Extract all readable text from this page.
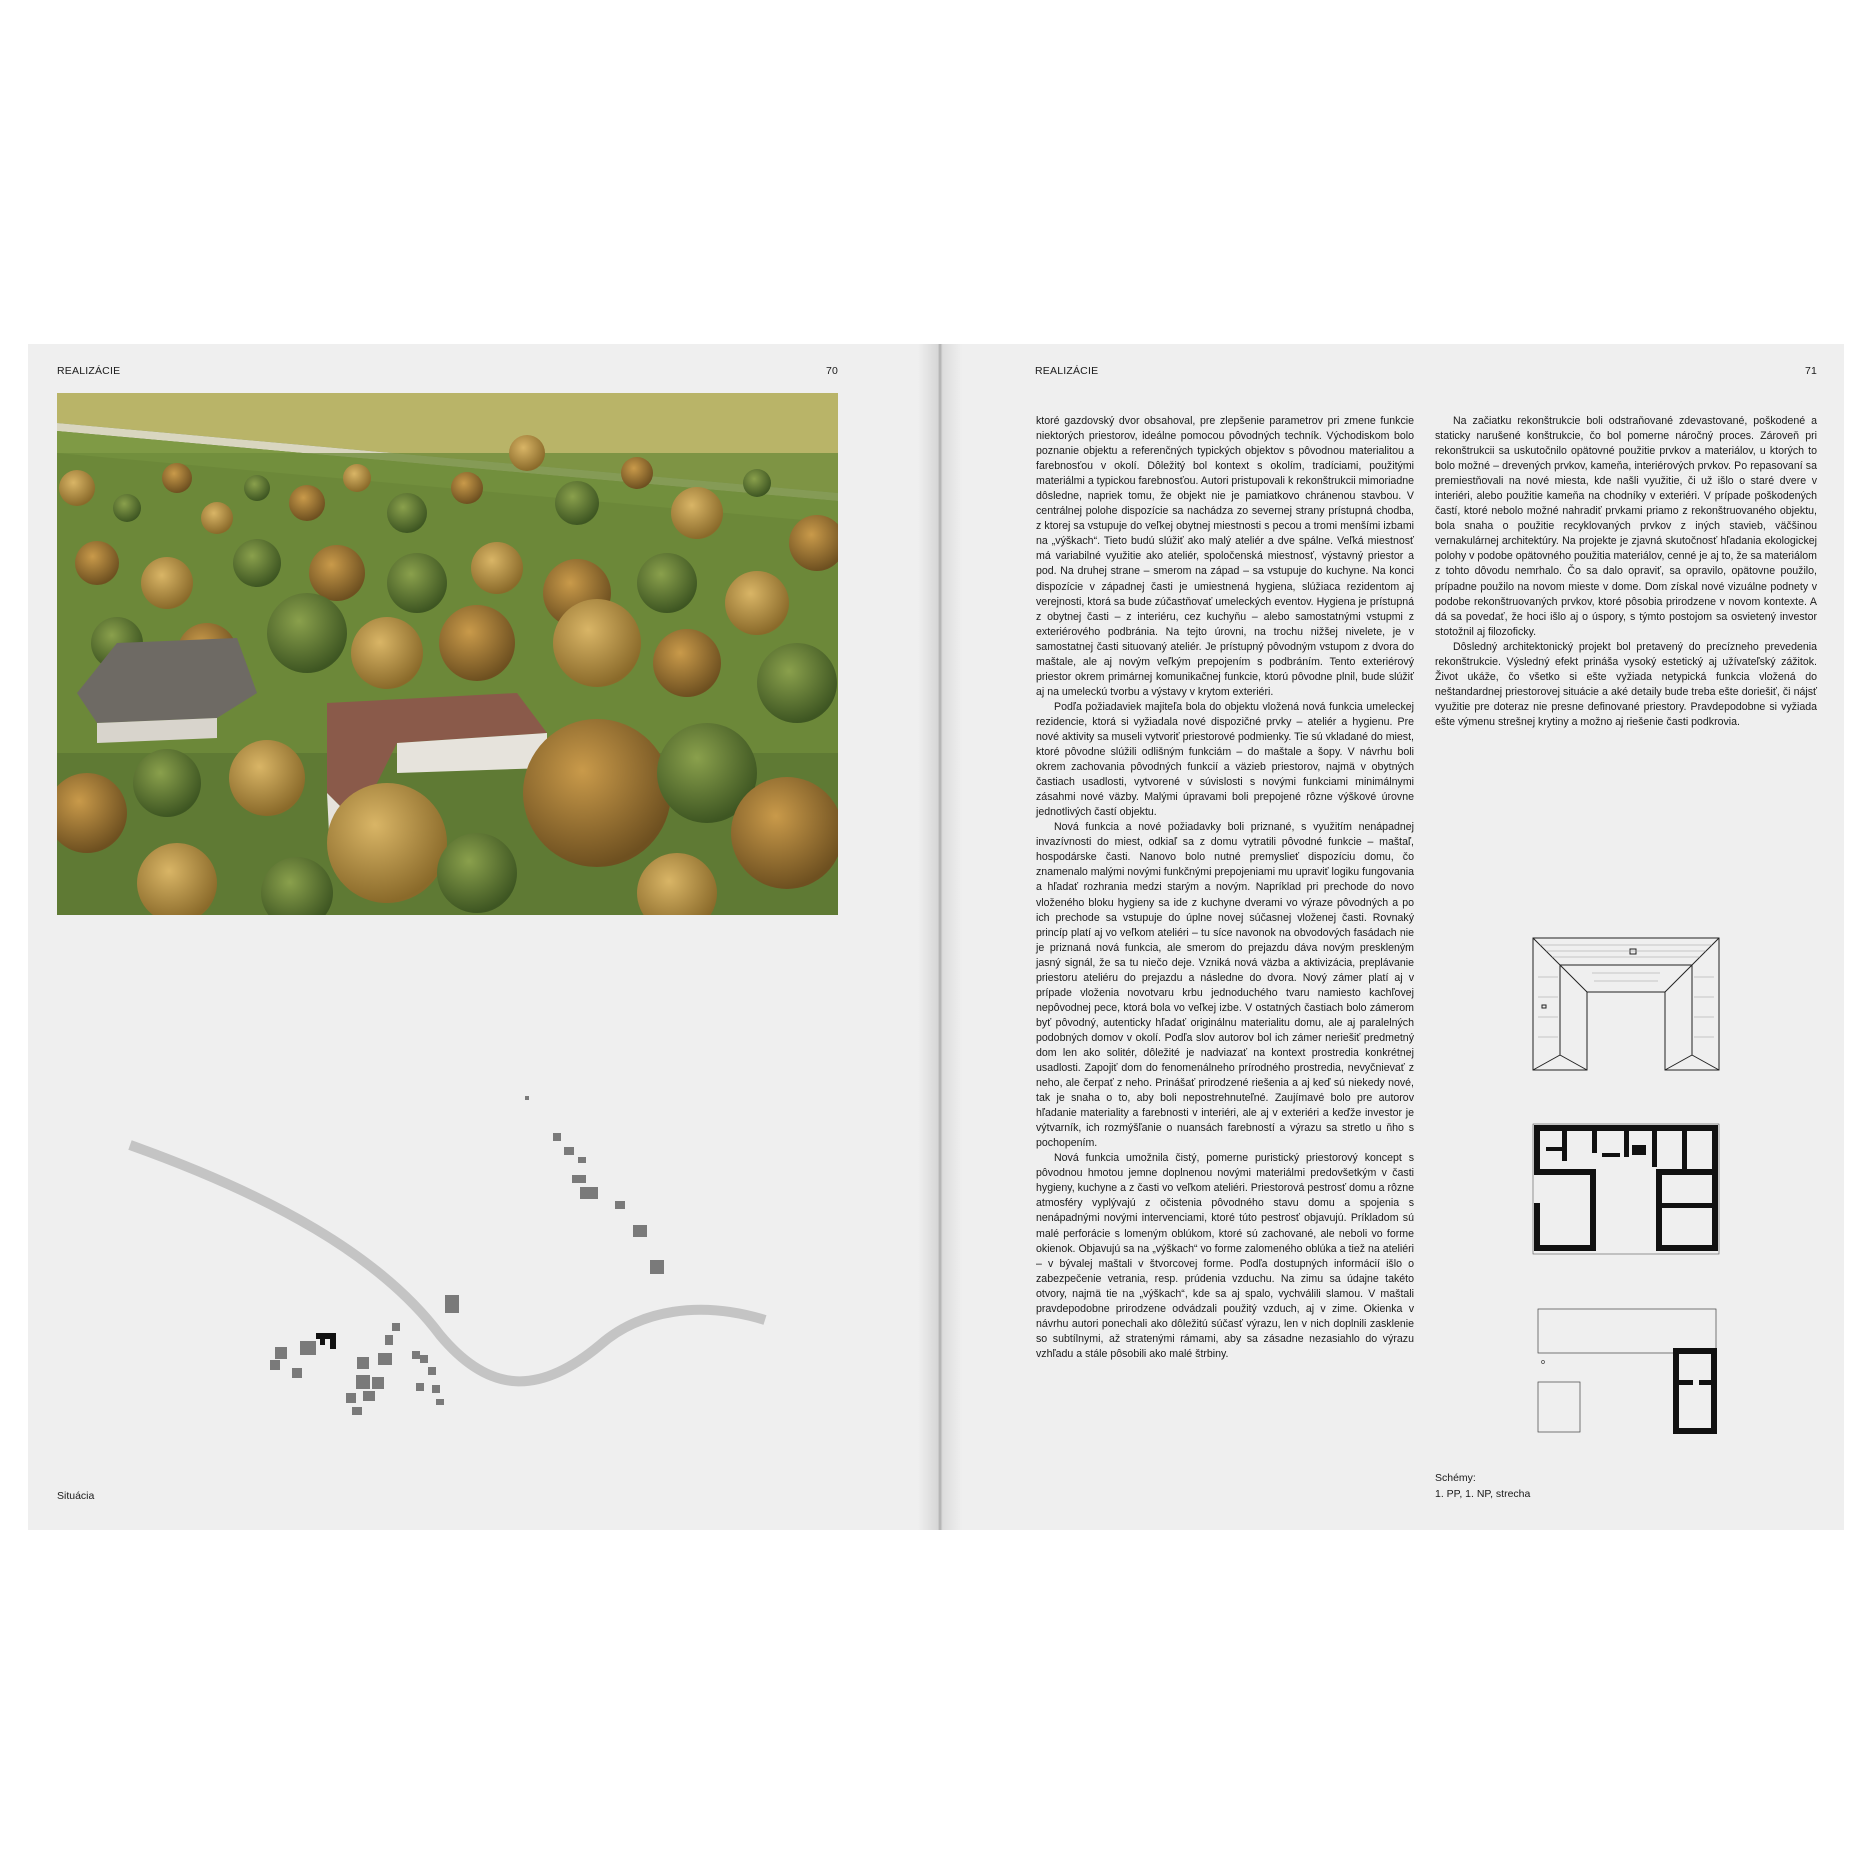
REALIZÁCIE	70
Situácia
REALIZÁCIE	71

ktoré gazdovský dvor obsahoval, pre zlepšenie parametrov pri zmene funkcie niektorých priestorov, ideálne pomocou pôvodných techník. Východiskom bolo poznanie objektu a referenčných typických objektov s pôvodnou materialitou a farebnosťou v okolí. Dôležitý bol kontext s okolím, tradíciami, použitými materiálmi a typickou farebnosťou. Autori pristupovali k rekonštrukcii mimoriadne dôsledne, napriek tomu, že objekt nie je pamiatkovo chránenou stavbou. V centrálnej polohe dispozície sa nachádza zo severnej strany prístupná chodba, z ktorej sa vstupuje do veľkej obytnej miestnosti s pecou a tromi menšími izbami na „výškach“. Tieto budú slúžiť ako malý ateliér a dve spálne. Veľká miestnosť má variabilné využitie ako ateliér, spoločenská miestnosť, výstavný priestor a pod. Na druhej strane – smerom na západ – sa vstupuje do kuchyne. Na konci dispozície v západnej časti je umiestnená hygiena, slúžiaca rezidentom aj verejnosti, ktorá sa bude zúčastňovať umeleckých eventov. Hygiena je prístupná z obytnej časti – z interiéru, cez kuchyňu – alebo samostatnými vstupmi z exteriérového podbránia. Na tejto úrovni, na trochu nižšej nivelete, je v samostatnej časti situovaný ateliér. Je prístupný pôvodným vstupom z dvora do maštale, ale aj novým veľkým prepojením s podbráním. Tento exteriérový priestor okrem primárnej komunikačnej funkcie, ktorú pôvodne plnil, bude slúžiť aj na umeleckú tvorbu a výstavy v krytom exteriéri.

Podľa požiadaviek majiteľa bola do objektu vložená nová funkcia umeleckej rezidencie, ktorá si vyžiadala nové dispozičné prvky – ateliér a hygienu. Pre nové aktivity sa museli vytvoriť priestorové podmienky. Tie sú vkladané do miest, ktoré pôvodne slúžili odlišným funkciám – do maštale a šopy. V návrhu boli okrem zachovania pôvodných funkcií a väzieb priestorov, najmä v obytných častiach usadlosti, vytvorené v súvislosti s novými funkciami minimálnymi zásahmi nové väzby. Malými úpravami boli prepojené rôzne výškové úrovne jednotlivých častí objektu.

Nová funkcia a nové požiadavky boli priznané, s využitím nenápadnej invazívnosti do miest, odkiaľ sa z domu vytratili pôvodné funkcie – maštaľ, hospodárske časti. Nanovo bolo nutné premyslieť dispozíciu domu, čo znamenalo malými novými funkčnými prepojeniami mu upraviť logiku fungovania a hľadať rozhrania medzi starým a novým. Napríklad pri prechode do novo vloženého bloku hygieny sa ide z kuchyne dverami vo výraze pôvodných a po ich prechode sa vstupuje do úplne novej súčasnej vloženej časti. Rovnaký princíp platí aj vo veľkom ateliéri – tu síce navonok na obvodových fasádach nie je priznaná nová funkcia, ale smerom do prejazdu dáva novým preskleným jasný signál, že sa tu niečo deje. Vzniká nová väzba a aktivizácia, preplávanie priestoru ateliéru do prejazdu a následne do dvora. Nový zámer platí aj v prípade vloženia novotvaru krbu jednoduchého tvaru namiesto kachľovej nepôvodnej pece, ktorá bola vo veľkej izbe. V ostatných častiach bolo zámerom byť pôvodný, autenticky hľadať originálnu materialitu domu, ale aj paralelných podobných domov v okolí. Podľa slov autorov bol ich zámer neriešiť predmetný dom len ako solitér, dôležité je nadviazať na kontext prostredia konkrétnej usadlosti. Zapojiť dom do fenomenálneho prírodného prostredia, nevyčnievať z neho, ale čerpať z neho. Prinášať prirodzené riešenia a aj keď sú niekedy nové, tak je snaha o to, aby boli nepostrehnuteľné. Zaujímavé bolo pre autorov hľadanie materiality a farebnosti v interiéri, ale aj v exteriéri a keďže investor je výtvarník, ich rozmýšľanie o nuansách farebností a výrazu sa stretlo u ňho s pochopením.

Nová funkcia umožnila čistý, pomerne puristický priestorový koncept s pôvodnou hmotou jemne doplnenou novými materiálmi predovšetkým v časti hygieny, kuchyne a z časti vo veľkom ateliéri. Priestorová pestrosť domu a rôzne atmosféry vyplývajú z očistenia pôvodného stavu domu a spojenia s nenápadnými novými intervenciami, ktoré túto pestrosť objavujú. Príkladom sú malé perforácie s lomeným oblúkom, ktoré sú zachované, ale neboli vo forme okienok. Objavujú sa na „výškach“ vo forme zalomeného oblúka a tiež na ateliéri – v bývalej maštali v štvorcovej forme. Podľa dostupných informácií išlo o zabezpečenie vetrania, resp. prúdenia vzduchu. Na zimu sa údajne takéto otvory, najmä tie na „výškach“, kde sa aj spalo, vychválili slamou. V maštali pravdepodobne prirodzene odvádzali použitý vzduch, aj v zime. Okienka v návrhu autori ponechali ako dôležitú súčasť výrazu, len v nich doplnili zasklenie so subtílnymi, až stratenými rámami, aby sa zásadne nezasiahlo do výrazu vzhľadu a stále pôsobili ako malé štrbiny.

Na začiatku rekonštrukcie boli odstraňované zdevastované, poškodené a staticky narušené konštrukcie, čo bol pomerne náročný proces. Zároveň pri rekonštrukcii sa uskutočnilo opätovné použitie prvkov a materiálov, u ktorých to bolo možné – drevených prvkov, kameňa, interiérových prvkov. Po repasovaní sa premiestňovali na nové miesta, kde našli využitie, či už išlo o staré dvere v interiéri, alebo použitie kameňa na chodníky v exteriéri. V prípade poškodených častí, ktoré nebolo možné nahradiť prvkami priamo z rekonštruovaného objektu, bola snaha o použitie recyklovaných prvkov z iných stavieb, väčšinou vernakulárnej architektúry. Na projekte je zjavná skutočnosť hľadania ekologickej polohy v podobe opätovného použitia materiálov, cenné je aj to, že sa materiálom z tohto dôvodu nemrhalo. Čo sa dalo opraviť, sa opravilo, opätovne použilo, prípadne použilo na novom mieste v dome. Dom získal nové vizuálne podnety v podobe rekonštruovaných prvkov, ktoré pôsobia prirodzene v novom kontexte. A dá sa povedať, že hoci išlo aj o úspory, s týmto postojom sa osvietený investor stotožnil aj filozoficky.

Dôsledný architektonický projekt bol pretavený do precízneho prevedenia rekonštrukcie. Výsledný efekt prináša vysoký estetický aj užívateľský zážitok. Život ukáže, čo všetko si ešte vyžiada netypická funkcia vložená do neštandardnej priestorovej situácie a aké detaily bude treba ešte doriešiť, či nájsť využitie pre doteraz nie presne definované priestory. Pravdepodobne si vyžiada ešte výmenu strešnej krytiny a možno aj riešenie časti podkrovia.

Schémy:
1. PP, 1. NP, strecha
